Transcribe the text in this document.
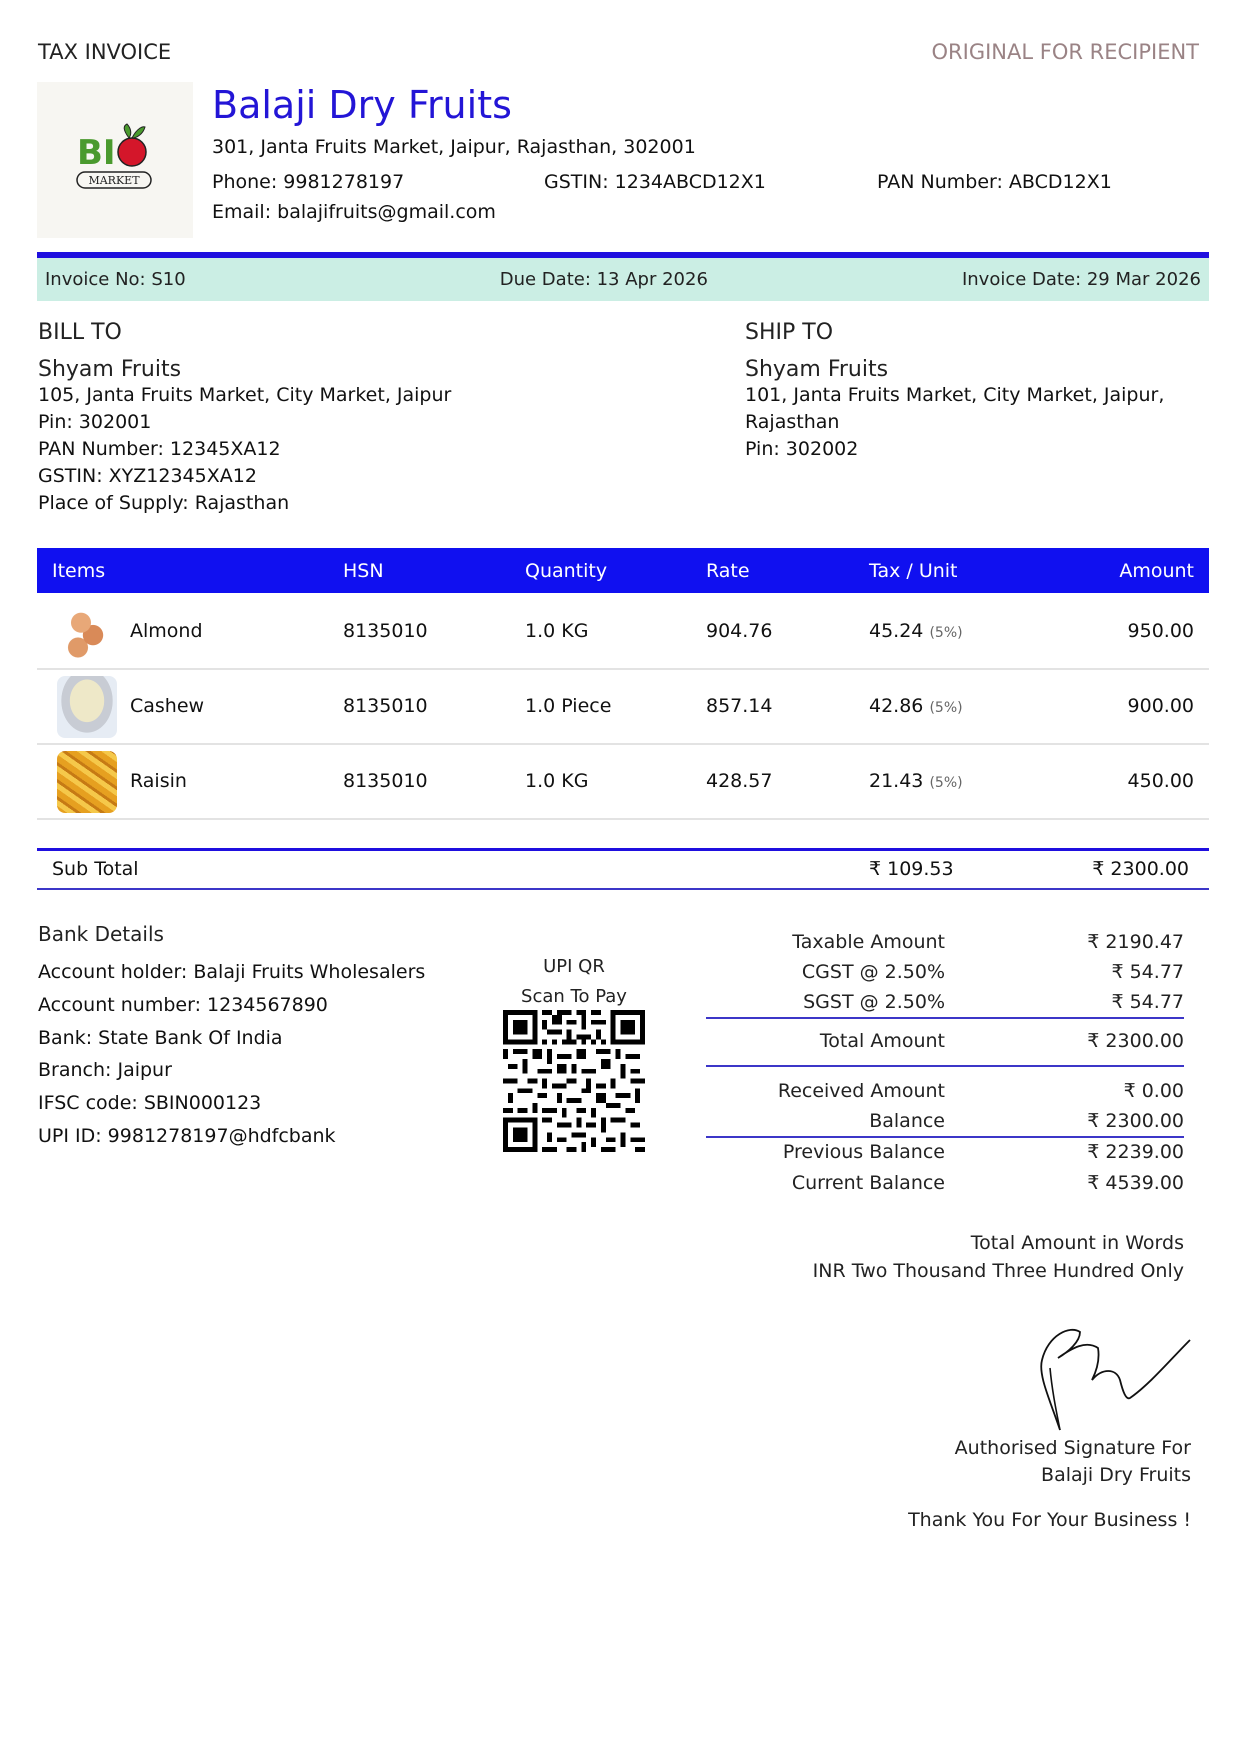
TAX INVOICE	ORIGINAL FOR RECIPIENT
BI
MARKET
Balaji Dry Fruits
301, Janta Fruits Market, Jaipur, Rajasthan, 302001
Phone: 9981278197	GSTIN: 1234ABCD12X1	PAN Number: ABCD12X1
Email: balajifruits@gmail.com
Invoice No: S10	Due Date: 13 Apr 2026	Invoice Date: 29 Mar 2026
BILL TO
Shyam Fruits
105, Janta Fruits Market, City Market, Jaipur
Pin: 302001
PAN Number: 12345XA12
GSTIN: XYZ12345XA12
Place of Supply: Rajasthan
SHIP TO
Shyam Fruits
101, Janta Fruits Market, City Market, Jaipur,
Rajasthan
Pin: 302002
Items	HSN	Quantity	Rate	Tax / Unit	Amount
Almond	8135010	1.0 KG	904.76	45.24 (5%)	950.00
Cashew	8135010	1.0 Piece	857.14	42.86 (5%)	900.00
Raisin	8135010	1.0 KG	428.57	21.43 (5%)	450.00
Sub Total	₹ 109.53	₹ 2300.00
Bank Details
Account holder: Balaji Fruits Wholesalers
Account number: 1234567890
Bank: State Bank Of India
Branch: Jaipur
IFSC code: SBIN000123
UPI ID: 9981278197@hdfcbank
UPI QR
Scan To Pay
Taxable Amount	₹ 2190.47
CGST @ 2.50%	₹ 54.77
SGST @ 2.50%	₹ 54.77
Total Amount	₹ 2300.00
Received Amount	₹ 0.00
Balance	₹ 2300.00
Previous Balance	₹ 2239.00
Current Balance	₹ 4539.00
Total Amount in Words
INR Two Thousand Three Hundred Only
Authorised Signature For
Balaji Dry Fruits
Thank You For Your Business !
